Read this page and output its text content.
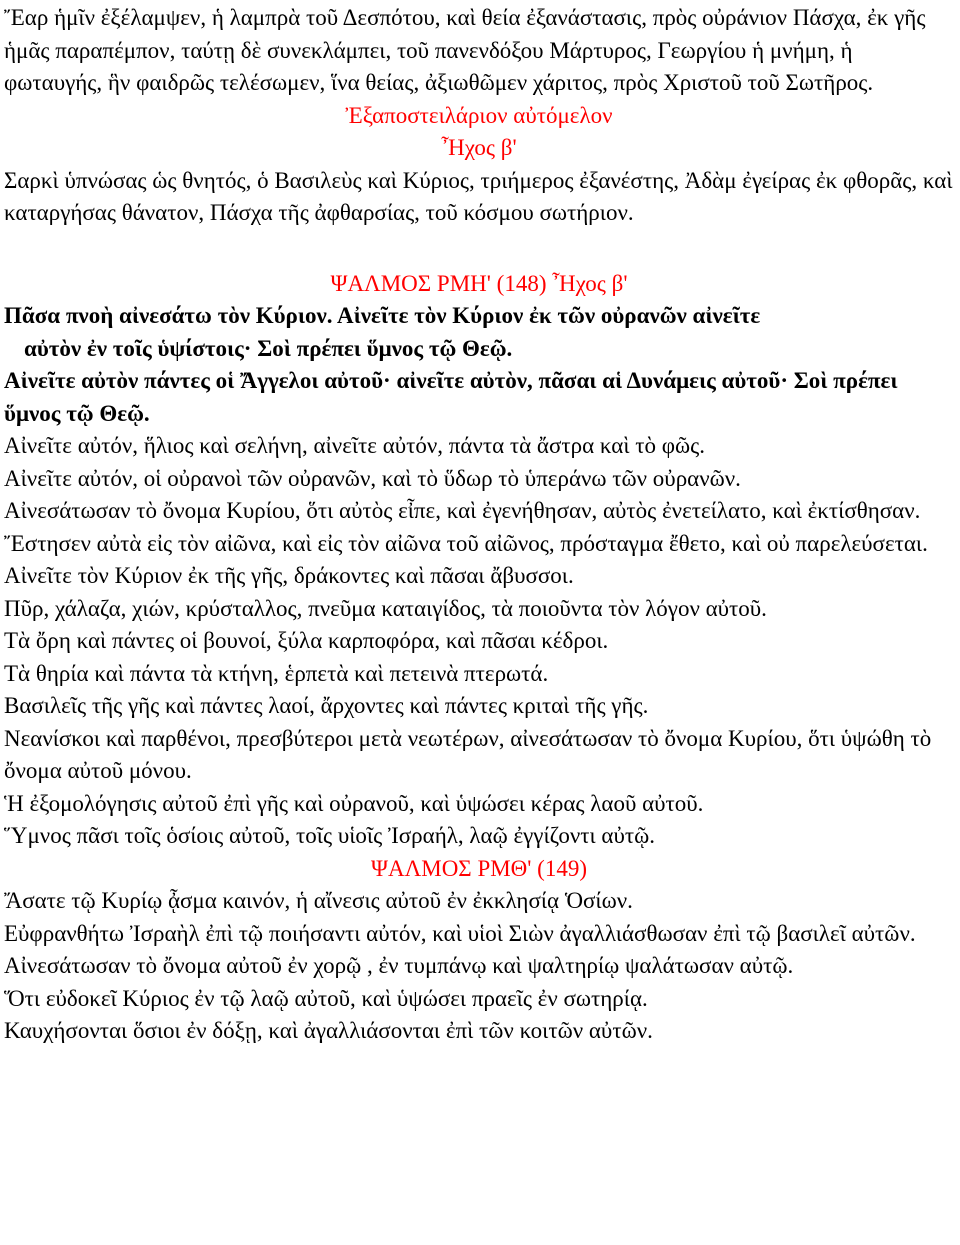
Ἔαρ ἡμῖν ἐξέλαμψεν, ἡ λαμπρὰ τοῦ Δεσπότου, καὶ θεία ἐξανάστασις, πρὸς οὐράνιον Πάσχα, ἐκ γῆς ἡμᾶς παραπέμπον, ταύτῃ δὲ συνεκλάμπει, τοῦ πανενδόξου Μάρτυρος, Γεωργίου ἡ μνήμη, ἡ φωταυγής, ἣν φαιδρῶς τελέσωμεν, ἵνα θείας, ἀξιωθῶμεν χάριτος, πρὸς Χριστοῦ τοῦ Σωτῆρος.

Ἐξαποστειλάριον αὐτόμελον

Ἦχος β'

Σαρκὶ ὑπνώσας ὡς θνητός, ὁ Βασιλεὺς καὶ Κύριος, τριήμερος ἐξανέστης, Ἀδὰμ ἐγείρας ἐκ φθορᾶς, καὶ καταργήσας θάνατον, Πάσχα τῆς ἀφθαρσίας, τοῦ κόσμου σωτήριον.

ΨΑΛΜΟΣ ΡΜΗ' (148) Ἦχος β'

Πᾶσα πνοὴ αἰνεσάτω τὸν Κύριον. Αἰνεῖτε τὸν Κύριον ἐκ τῶν οὐρανῶν αἰνεῖτε

αὐτὸν ἐν τοῖς ὑψίστοις· Σοὶ πρέπει ὕμνος τῷ Θεῷ.

Αἰνεῖτε αὐτὸν πάντες οἱ Ἄγγελοι αὐτοῦ· αἰνεῖτε αὐτὸν, πᾶσαι αἱ Δυνάμεις αὐτοῦ· Σοὶ πρέπει ὕμνος τῷ Θεῷ.

Αἰνεῖτε αὐτόν, ἥλιος καὶ σελήνη, αἰνεῖτε αὐτόν, πάντα τὰ ἄστρα καὶ τὸ φῶς.

Αἰνεῖτε αὐτόν, οἱ οὐρανοὶ τῶν οὐρανῶν, καὶ τὸ ὕδωρ τὸ ὑπεράνω τῶν οὐρανῶν.

Αἰνεσάτωσαν τὸ ὄνομα Κυρίου, ὅτι αὐτὸς εἶπε, καὶ ἐγενήθησαν, αὐτὸς ἐνετείλατο, καὶ ἐκτίσθησαν.

Ἔστησεν αὐτὰ εἰς τὸν αἰῶνα, καὶ εἰς τὸν αἰῶνα τοῦ αἰῶνος, πρόσταγμα ἔθετο, καὶ οὐ παρελεύσεται.

Αἰνεῖτε τὸν Κύριον ἐκ τῆς γῆς, δράκοντες καὶ πᾶσαι ἄβυσσοι.

Πῦρ, χάλαζα, χιών, κρύσταλλος, πνεῦμα καταιγίδος, τὰ ποιοῦντα τὸν λόγον αὐτοῦ.

Τὰ ὄρη καὶ πάντες οἱ βουνοί, ξύλα καρποφόρα, καὶ πᾶσαι κέδροι.

Τὰ θηρία καὶ πάντα τὰ κτήνη, ἑρπετὰ καὶ πετεινὰ πτερωτά.

Βασιλεῖς τῆς γῆς καὶ πάντες λαοί, ἄρχοντες καὶ πάντες κριταὶ τῆς γῆς.

Νεανίσκοι καὶ παρθένοι, πρεσβύτεροι μετὰ νεωτέρων, αἰνεσάτωσαν τὸ ὄνομα Κυρίου, ὅτι ὑψώθη τὸ ὄνομα αὐτοῦ μόνου.

Ἡ ἐξομολόγησις αὐτοῦ ἐπὶ γῆς καὶ οὐρανοῦ, καὶ ὑψώσει κέρας λαοῦ αὐτοῦ.

Ὕμνος πᾶσι τοῖς ὁσίοις αὐτοῦ, τοῖς υἱοῖς Ἰσραήλ, λαῷ ἐγγίζοντι αὐτῷ.

ΨΑΛΜΟΣ ΡΜΘ' (149)

Ἄσατε τῷ Κυρίῳ ᾆσμα καινόν, ἡ αἴνεσις αὐτοῦ ἐν ἐκκλησίᾳ Ὁσίων.

Εὐφρανθήτω Ἰσραὴλ ἐπὶ τῷ ποιήσαντι αὐτόν, καὶ υἱοὶ Σιὼν ἀγαλλιάσθωσαν ἐπὶ τῷ βασιλεῖ αὐτῶν.

Αἰνεσάτωσαν τὸ ὄνομα αὐτοῦ ἐν χορῷ , ἐν τυμπάνῳ καὶ ψαλτηρίῳ ψαλάτωσαν αὐτῷ.

Ὅτι εὐδοκεῖ Κύριος ἐν τῷ λαῷ αὐτοῦ, καὶ ὑψώσει πραεῖς ἐν σωτηρίᾳ.

Καυχήσονται ὅσιοι ἐν δόξῃ, καὶ ἀγαλλιάσονται ἐπὶ τῶν κοιτῶν αὐτῶν.
